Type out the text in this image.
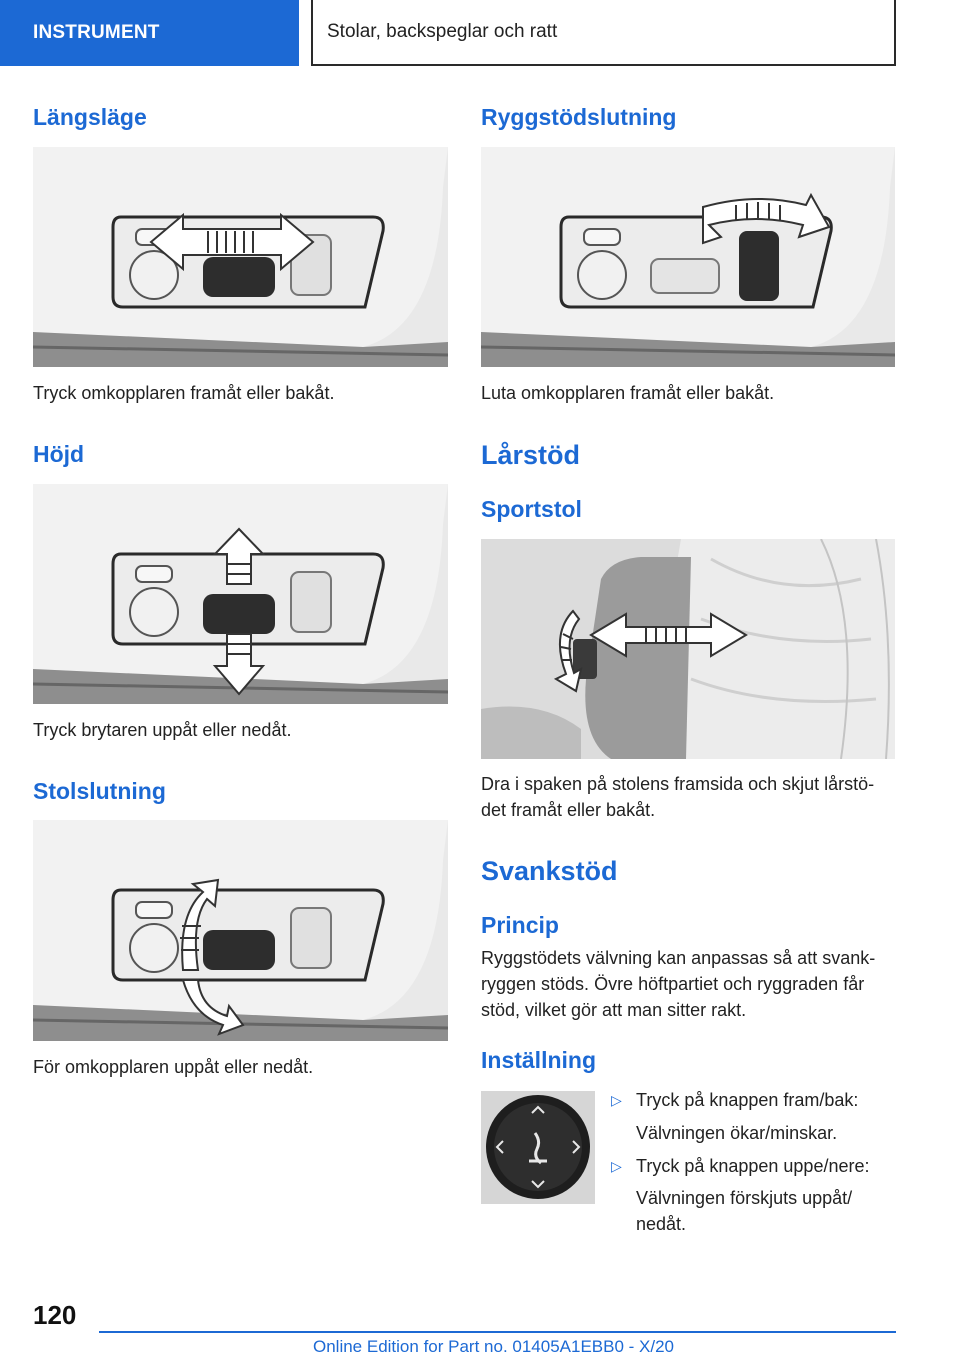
INSTRUMENT	Stolar, backspeglar och ratt
Längsläge
Tryck omkopplaren framåt eller bakåt.
Höjd
Tryck brytaren uppåt eller nedåt.
Stolslutning
För omkopplaren uppåt eller nedåt.
Ryggstödslutning
Luta omkopplaren framåt eller bakåt.
Lårstöd
Sportstol
Dra i spaken på stolens framsida och skjut lårstö-
det framåt eller bakåt.
Svankstöd
Princip
Ryggstödets välvning kan anpassas så att svank-
ryggen stöds. Övre höftpartiet och ryggraden får
stöd, vilket gör att man sitter rakt.
Inställning
▷ Tryck på knappen fram/bak:
Välvningen ökar/minskar.
▷ Tryck på knappen uppe/nere:
Välvningen förskjuts uppåt/
nedåt.
120
Online Edition for Part no. 01405A1EBB0 - X/20
